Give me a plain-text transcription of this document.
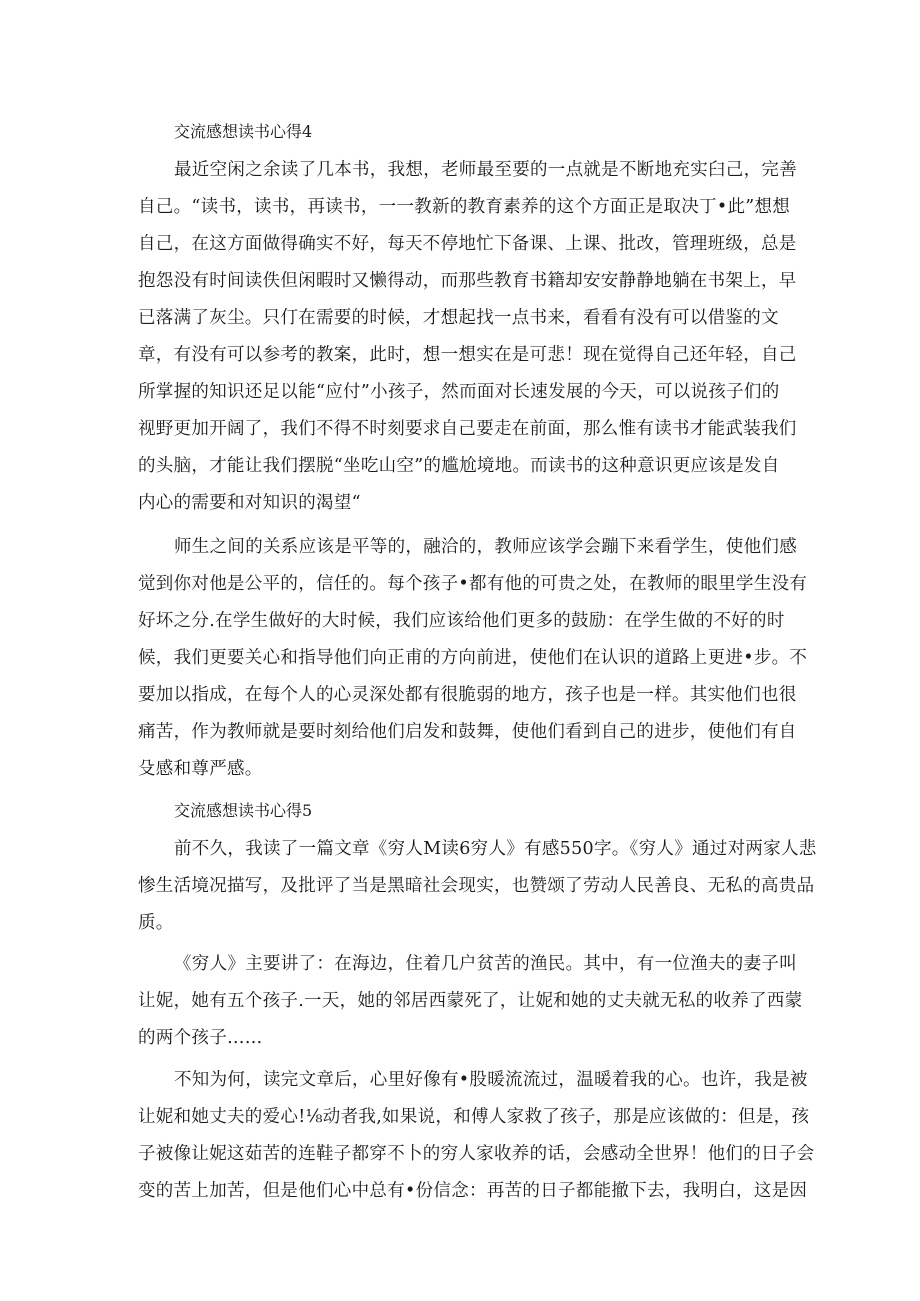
交流感想读书心得4
最近空闲之余读了几本书，我想，老师最至要的一点就是不断地充实臼己，完善
自己。“读书，读书，再读书，一一教新的教育素养的这个方面正是取决丁•此”想想
自己，在这方面做得确实不好，每天不停地忙下备课、上课、批改，管理班级，总是
抱怨没有时间读佚但闲暇时又懒得动，而那些教育书籍却安安静静地躺在书架上，早
已落满了灰尘。只仃在需要的时候，才想起找一点书来，看看有没有可以借鉴的文
章，有没有可以参考的教案，此时，想一想实在是可悲！现在觉得自己还年轻，自己
所掌握的知识还足以能“应付”小孩子，然而面对长速发展的今天，可以说孩子们的
视野更加开阔了，我们不得不时刻要求自己要走在前面，那么惟有读书才能武装我们
的头脑，才能让我们摆脱“坐吃山空”的尴尬境地。而读书的这种意识更应该是发自
内心的需要和对知识的渴望“
师生之间的关系应该是平等的，融洽的，教师应该学会蹦下来看学生，使他们感
觉到你对他是公平的，信任的。每个孩子•都有他的可贵之处，在教师的眼里学生没有
好坏之分.在学生做好的大时候，我们应该给他们更多的鼓励：在学生做的不好的时
候，我们更要关心和指导他们向正甫的方向前进，使他们在认识的道路上更进•步。不
要加以指成，在每个人的心灵深处都有很脆弱的地方，孩子也是一样。其实他们也很
痛苦，作为教师就是要时刻给他们启发和鼓舞，使他们看到自己的进步，使他们有自
殳感和尊严感。
交流感想读书心得5
前不久，我读了一篇文章《穷人M读6穷人》有感550字。《穷人》通过对两家人悲
惨生活境况描写，及批评了当是黑暗社会现实，也赞颂了劳动人民善良、无私的高贵品
质。
《穷人》主要讲了：在海边，住着几户贫苦的渔民。其中，有一位渔夫的妻子叫
让妮，她有五个孩子.一天，她的邻居西蒙死了，让妮和她的丈夫就无私的收养了西蒙
的两个孩子……
不知为何，读完文章后，心里好像有•股暖流流过，温暖着我的心。也许，我是被
让妮和她丈夫的爱心!⅛动者我,如果说，和傅人家救了孩子，那是应该做的：但是，孩
子被像让妮这茹苦的连鞋子都穿不卜的穷人家收养的话，会感动全世界！他们的日子会
变的苦上加苦，但是他们心中总有•份信念：再苦的日子都能撤下去，我明白，这是因
